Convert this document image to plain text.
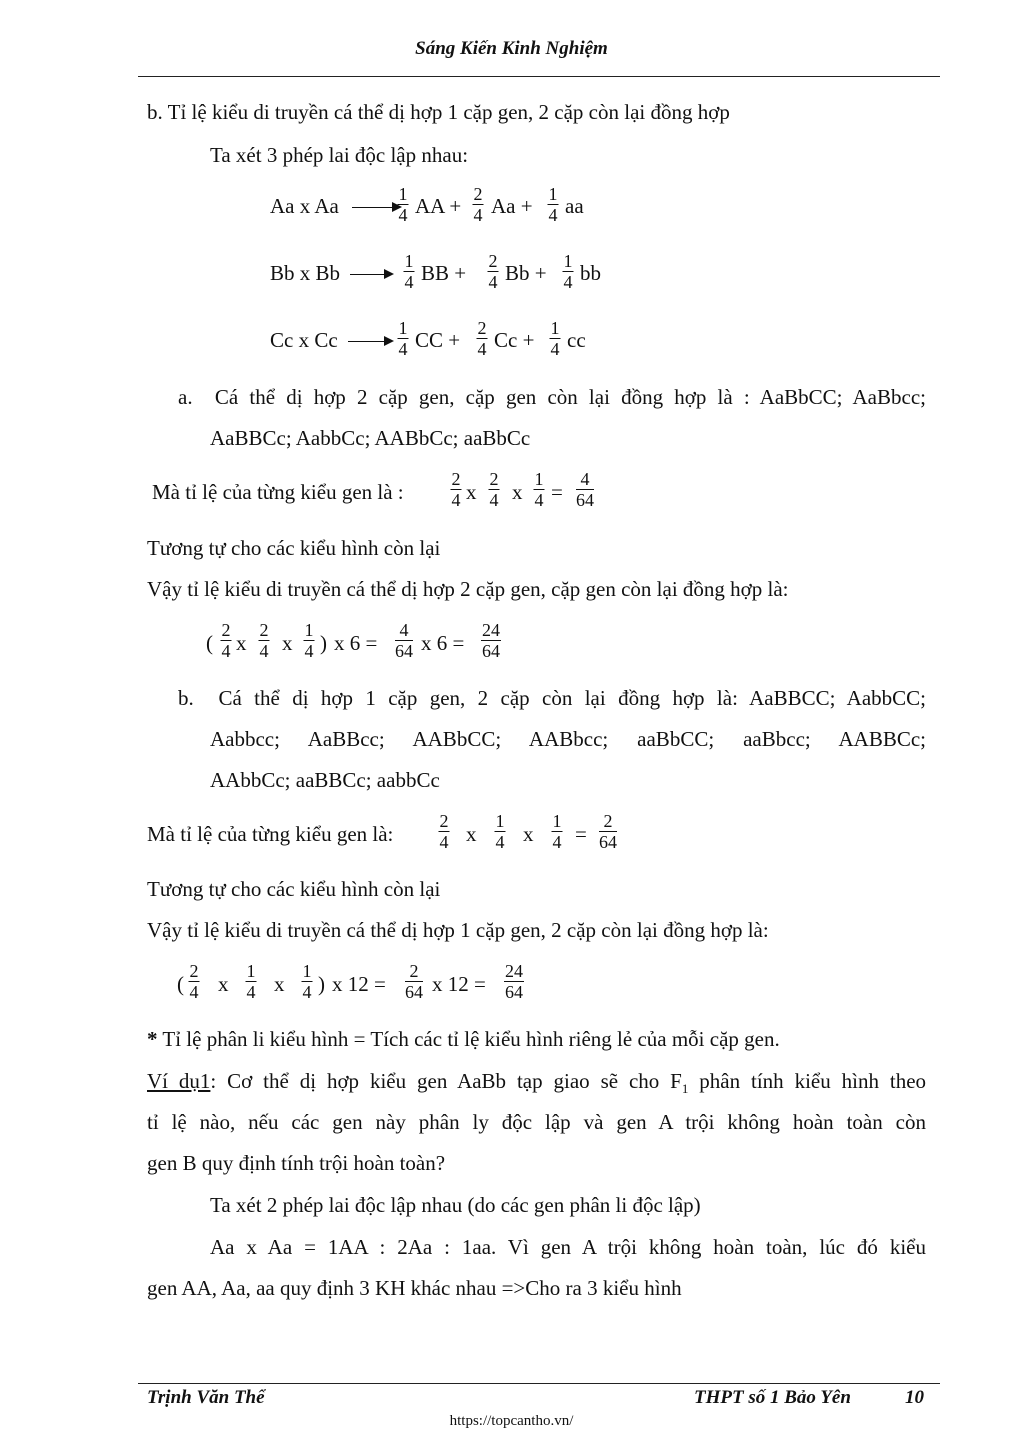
Sáng Kiến Kinh Nghiệm
b. Tỉ lệ kiểu di truyền cá thể dị hợp 1 cặp gen, 2 cặp còn lại đồng hợp
Ta xét 3 phép lai độc lập nhau:
Aa x Aa	1
4 AA + 2
4 Aa + 1
4 aa
Bb x Bb	1
4 BB + 2
4 Bb + 1
4 bb
Cc x Cc	1
4 CC + 2
4 Cc + 1
4 cc
a.  Cá thể dị hợp 2 cặp gen, cặp gen còn lại đồng hợp là : AaBbCC; AaBbcc;
AaBBCc; AabbCc; AABbCc; aaBbCc
Mà tỉ lệ của từng kiểu gen là :
2
4 x
2
4 x
1
4 =
4
64
Tương tự cho các kiểu hình còn lại
Vậy tỉ lệ kiểu di truyền cá thể dị hợp 2 cặp gen, cặp gen còn lại đồng hợp là:
(
2
4 x
2
4 x
1
4 ) x 6 =
4
64 x 6 =
24
64
b.  Cá thể dị hợp 1 cặp gen, 2 cặp còn lại đồng hợp là: AaBBCC; AabbCC;
Aabbcc; AaBBcc; AABbCC; AABbcc; aaBbCC; aaBbcc; AABBCc;
AAbbCc; aaBBCc; aabbCc
Mà tỉ lệ của từng kiểu gen là:
2
4 x
1
4 x
1
4 =
2
64
Tương tự cho các kiểu hình còn lại
Vậy tỉ lệ kiểu di truyền cá thể dị hợp 1 cặp gen, 2 cặp còn lại đồng hợp là:
(
2
4 x
1
4 x
1
4 ) x 12 =
2
64 x 12 =
24
64
* Tỉ lệ phân li kiểu hình = Tích các tỉ lệ kiểu hình riêng lẻ của mỗi cặp gen.
Ví dụ1: Cơ thể dị hợp kiểu gen AaBb tạp giao sẽ cho $F_1$ phân tính kiểu hình theo
tỉ lệ nào, nếu các gen này phân ly độc lập và gen A trội không hoàn toàn còn
gen B quy định tính trội hoàn toàn?
Ta xét 2 phép lai độc lập nhau (do các gen phân li độc lập)
Aa x Aa = 1AA : 2Aa : 1aa. Vì gen A trội không hoàn toàn, lúc đó kiểu
gen AA, Aa, aa quy định 3 KH khác nhau =>Cho ra 3 kiểu hình
Trịnh Văn Thể	THPT số 1 Bảo Yên	10
https://topcantho.vn/
